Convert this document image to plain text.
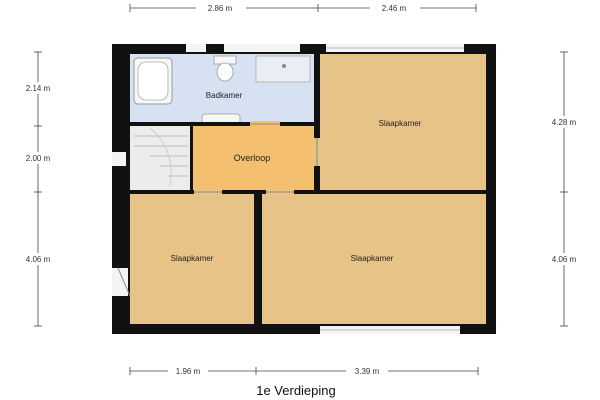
Badkamer
Overloop
Slaapkamer
Slaapkamer	Slaapkamer
2.86 m	2.46 m
1.96 m	3.39 m
2.14 m
2.00 m
4.06 m
4.28 m
4.06 m
1e Verdieping
